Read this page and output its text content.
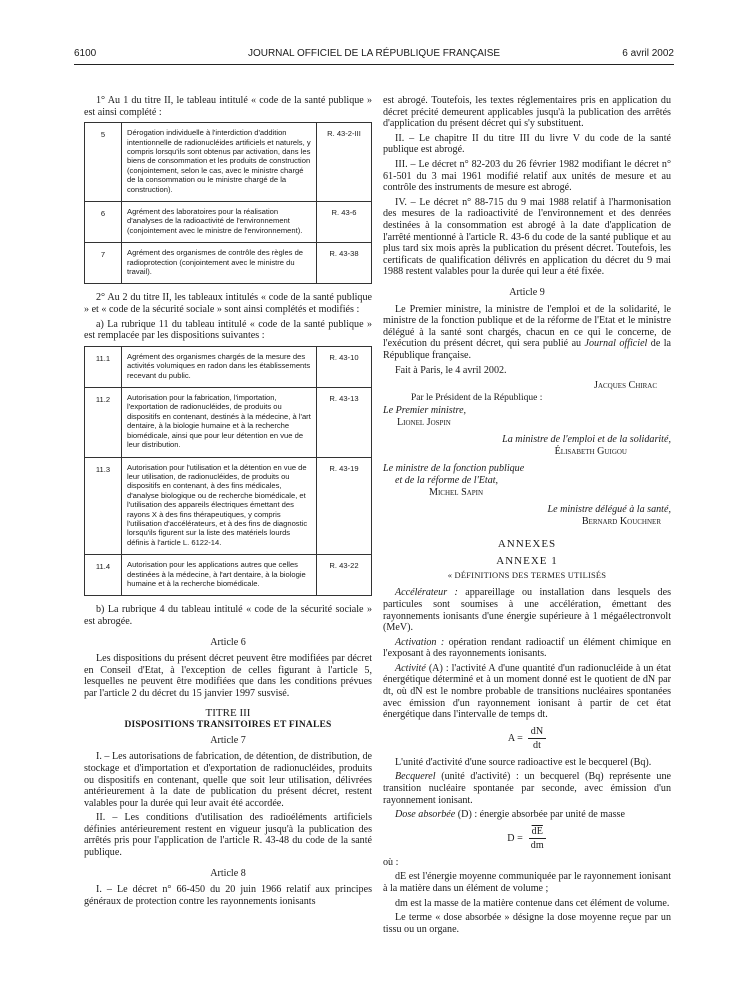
6100	JOURNAL OFFICIEL DE LA RÉPUBLIQUE FRANÇAISE	6 avril 2002

1° Au 1 du titre II, le tableau intitulé « code de la santé publique » est ainsi complété :

5	Dérogation individuelle à l'interdiction d'addition intentionnelle de radionucléides artificiels et naturels, y compris lorsqu'ils sont obtenus par activation, dans les biens de consommation et les produits de construction (conjointement, selon le cas, avec le ministre chargé de la consommation ou le ministre chargé de la construction).	R. 43-2-III
6	Agrément des laboratoires pour la réalisation d'analyses de la radioactivité de l'environnement (conjointement avec le ministre de l'environnement).	R. 43-6
7	Agrément des organismes de contrôle des règles de radioprotection (conjointement avec le ministre du travail).	R. 43-38

2° Au 2 du titre II, les tableaux intitulés « code de la santé publique » et « code de la sécurité sociale » sont ainsi complétés et modifiés :

a) La rubrique 11 du tableau intitulé « code de la santé publique » est remplacée par les dispositions suivantes :

11.1	Agrément des organismes chargés de la mesure des activités volumiques en radon dans les établissements recevant du public.	R. 43-10
11.2	Autorisation pour la fabrication, l'importation, l'exportation de radionucléides, de produits ou dispositifs en contenant, destinés à la médecine, à l'art dentaire, à la biologie humaine et à la recherche biomédicale, ainsi que pour leur détention en vue de leur distribution.	R. 43-13
11.3	Autorisation pour l'utilisation et la détention en vue de leur utilisation, de radionucléides, de produits ou dispositifs en contenant, à des fins médicales, d'analyse biologique ou de recherche biomédicale, et l'utilisation des appareils électriques émettant des rayons X à des fins thérapeutiques, y compris l'utilisation d'accélérateurs, et à des fins de diagnostic lorsqu'ils figurent sur la liste des matériels lourds définis à l'article L. 6122-14.	R. 43-19
11.4	Autorisation pour les applications autres que celles destinées à la médecine, à l'art dentaire, à la biologie humaine et à la recherche biomédicale.	R. 43-22

b) La rubrique 4 du tableau intitulé « code de la sécurité sociale » est abrogée.

Article 6

Les dispositions du présent décret peuvent être modifiées par décret en Conseil d'Etat, à l'exception de celles figurant à l'article 5, lesquelles ne peuvent être modifiées que dans les conditions prévues par l'article 2 du décret du 15 janvier 1997 susvisé.

TITRE III
DISPOSITIONS TRANSITOIRES ET FINALES
Article 7

I. – Les autorisations de fabrication, de détention, de distribution, de stockage et d'importation et d'exportation de radionucléides, produits ou dispositifs en contenant, quelle que soit leur utilisation, délivrées antérieurement à la date de publication du présent décret, restent valables pour la durée qui leur avait été accordée.

II. – Les conditions d'utilisation des radioéléments artificiels définies antérieurement restent en vigueur jusqu'à la publication des arrêtés pris pour l'application de l'article R. 43-48 du code de la santé publique.

Article 8

I. – Le décret n° 66-450 du 20 juin 1966 relatif aux principes généraux de protection contre les rayonnements ionisants

est abrogé. Toutefois, les textes réglementaires pris en application du décret précité demeurent applicables jusqu'à la publication des arrêtés d'application du présent décret qui s'y substituent.

II. – Le chapitre II du titre III du livre V du code de la santé publique est abrogé.

III. – Le décret n° 82-203 du 26 février 1982 modifiant le décret n° 61-501 du 3 mai 1961 modifié relatif aux unités de mesure et au contrôle des instruments de mesure est abrogé.

IV. – Le décret n° 88-715 du 9 mai 1988 relatif à l'harmonisation des mesures de la radioactivité de l'environnement et des denrées destinées à la consommation est abrogé à la date d'application de l'arrêté mentionné à l'article R. 43-6 du code de la santé publique et au plus tard six mois après la publication du présent décret. Toutefois, les certificats de qualification délivrés en application du décret du 9 mai 1988 restent valables pour la durée qui leur a été fixée.

Article 9

Le Premier ministre, la ministre de l'emploi et de la solidarité, le ministre de la fonction publique et de la réforme de l'Etat et le ministre délégué à la santé sont chargés, chacun en ce qui le concerne, de l'exécution du présent décret, qui sera publié au Journal officiel de la République française.

Fait à Paris, le 4 avril 2002.

Jacques Chirac

Par le Président de la République :

Le Premier ministre,

Lionel Jospin

La ministre de l'emploi et de la solidarité,

Élisabeth Guigou

Le ministre de la fonction publique

et de la réforme de l'Etat,

Michel Sapin

Le ministre délégué à la santé,

Bernard Kouchner

ANNEXES
ANNEXE 1
« DÉFINITIONS DES TERMES UTILISÉS

Accélérateur : appareillage ou installation dans lesquels des particules sont soumises à une accélération, émettant des rayonnements ionisants d'une énergie supérieure à 1 mégaélectronvolt (MeV).

Activation : opération rendant radioactif un élément chimique en l'exposant à des rayonnements ionisants.

Activité (A) : l'activité A d'une quantité d'un radionucléide à un état énergétique déterminé et à un moment donné est le quotient de dN par dt, où dN est le nombre probable de transitions nucléaires spontanées avec émission d'un rayonnement ionisant à partir de cet état énergétique dans l'intervalle de temps dt.

$A = \frac{dN}{dt}$

L'unité d'activité d'une source radioactive est le becquerel (Bq).

Becquerel (unité d'activité) : un becquerel (Bq) représente une transition nucléaire spontanée par seconde, avec émission d'un rayonnement ionisant.

Dose absorbée (D) : énergie absorbée par unité de masse

$D = \frac{\overline{dE}}{dm}$

où :

dE est l'énergie moyenne communiquée par le rayonnement ionisant à la matière dans un élément de volume ;

dm est la masse de la matière contenue dans cet élément de volume.

Le terme « dose absorbée » désigne la dose moyenne reçue par un tissu ou un organe.
